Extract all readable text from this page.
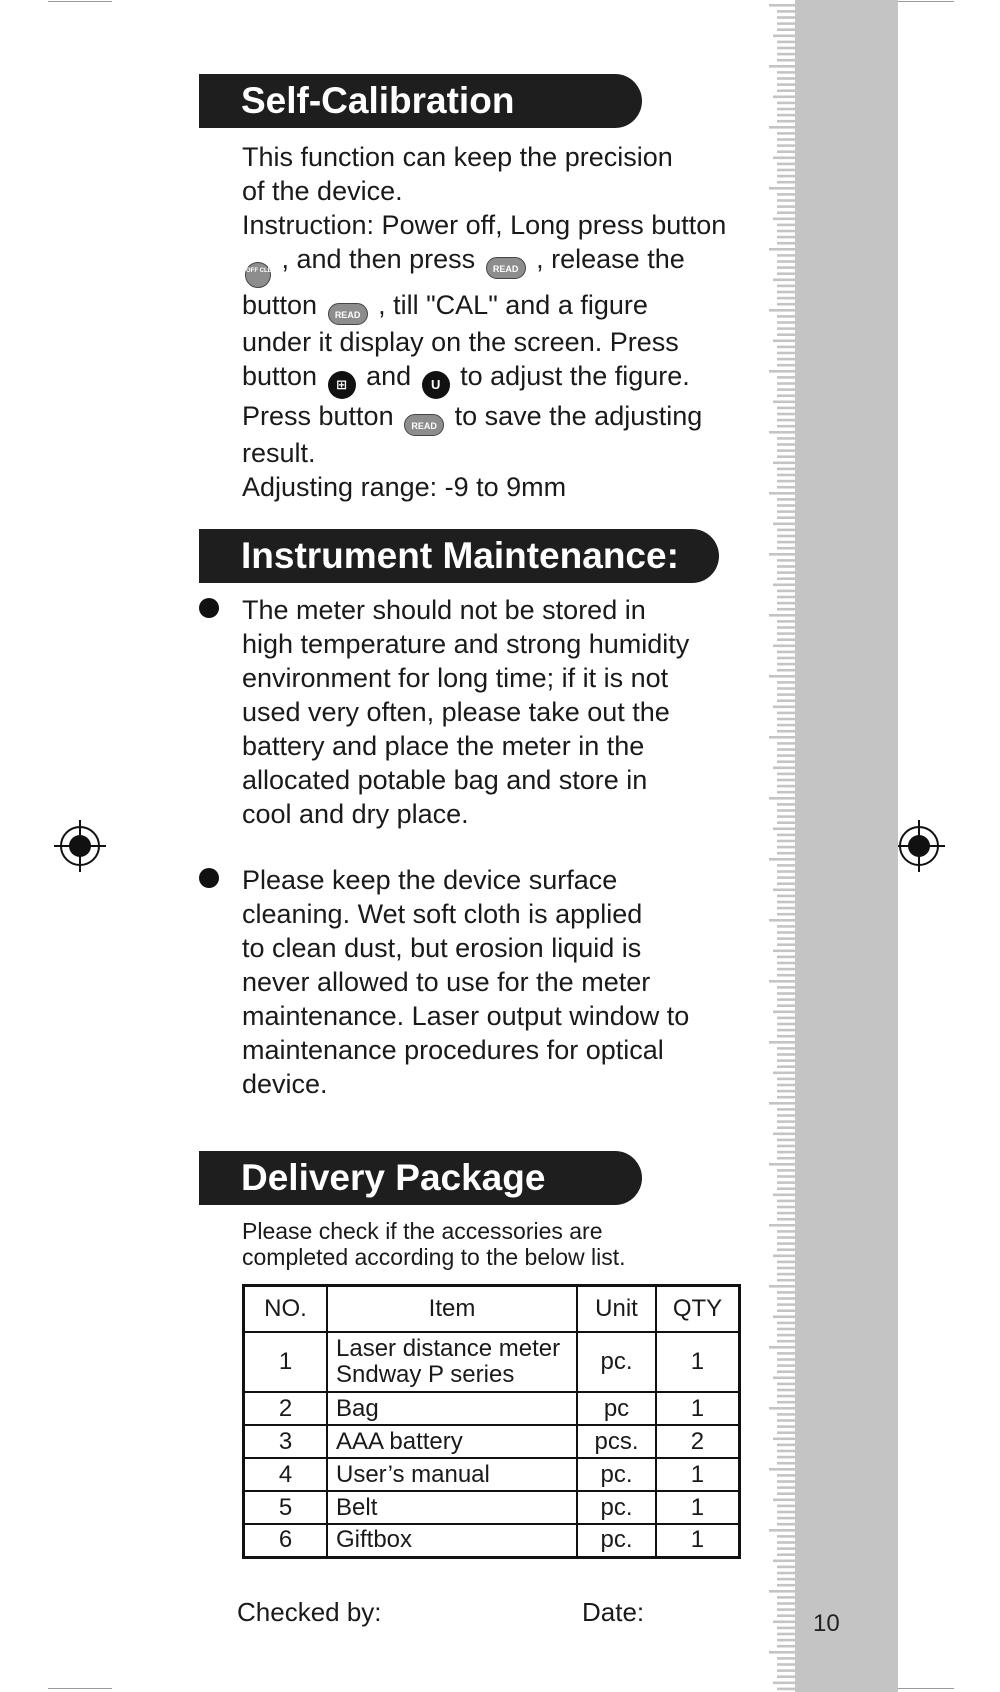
10
Self-Calibration
This function can keep the precision
of the device.
Instruction: Power off, Long press button
OFF CLEAR , and then press READ , release the
button READ , till "CAL" and a figure
under it display on the screen. Press
button ⊞ and U to adjust the figure.
Press button READ to save the adjusting
result.
Adjusting range: -9 to 9mm
Instrument Maintenance:
The meter should not be stored in
high temperature and strong humidity
environment for long time; if it is not
used very often, please take out the
battery and place the meter in the
allocated potable bag and store in
cool and dry place.
Please keep the device surface
cleaning. Wet soft cloth is applied
to clean dust, but erosion liquid is
never allowed to use for the meter
maintenance. Laser output window to
maintenance procedures for optical
device.
Delivery Package
Please check if the accessories are
completed according to the below list.
NO.	Item	Unit	QTY
1	Laser distance meter
Sndway P series	pc.	1
2	Bag	pc	1
3	AAA battery	pcs.	2
4	User’s manual	pc.	1
5	Belt	pc.	1
6	Giftbox	pc.	1
Checked by:	Date:
